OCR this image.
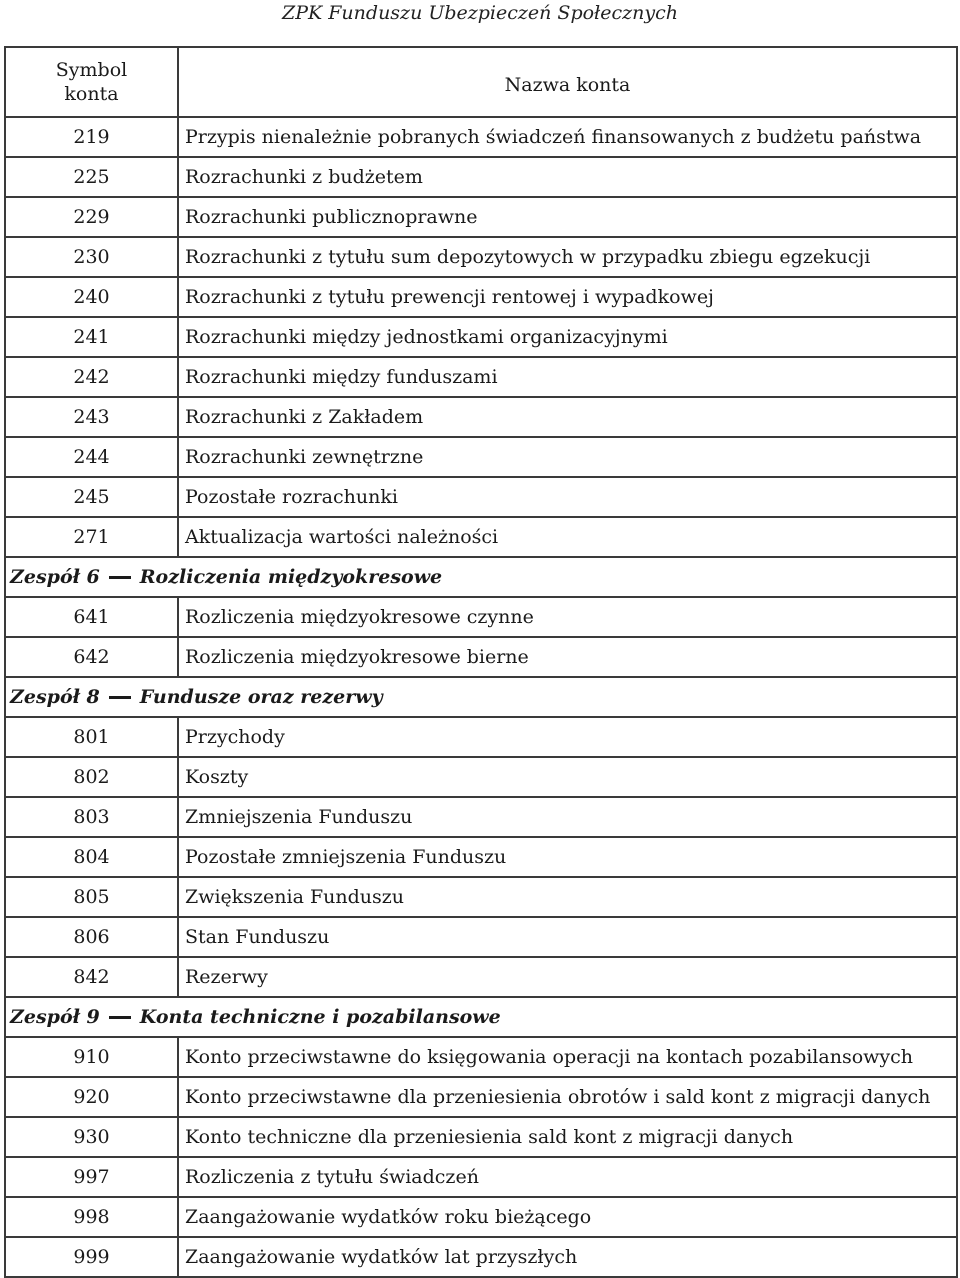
ZPK Funduszu Ubezpieczeń Społecznych
Symbol
konta	Nazwa konta
219	Przypis nienależnie pobranych świadczeń finansowanych z budżetu państwa
225	Rozrachunki z budżetem
229	Rozrachunki publicznoprawne
230	Rozrachunki z tytułu sum depozytowych w przypadku zbiegu egzekucji
240	Rozrachunki z tytułu prewencji rentowej i wypadkowej
241	Rozrachunki między jednostkami organizacyjnymi
242	Rozrachunki między funduszami
243	Rozrachunki z Zakładem
244	Rozrachunki zewnętrzne
245	Pozostałe rozrachunki
271	Aktualizacja wartości należności
Zespół 6 Rozliczenia międzyokresowe	
641	Rozliczenia międzyokresowe czynne
642	Rozliczenia międzyokresowe bierne
Zespół 8 Fundusze oraz rezerwy	
801	Przychody
802	Koszty
803	Zmniejszenia Funduszu
804	Pozostałe zmniejszenia Funduszu
805	Zwiększenia Funduszu
806	Stan Funduszu
842	Rezerwy
Zespół 9 Konta techniczne i pozabilansowe	
910	Konto przeciwstawne do księgowania operacji na kontach pozabilansowych
920	Konto przeciwstawne dla przeniesienia obrotów i sald kont z migracji danych
930	Konto techniczne dla przeniesienia sald kont z migracji danych
997	Rozliczenia z tytułu świadczeń
998	Zaangażowanie wydatków roku bieżącego
999	Zaangażowanie wydatków lat przyszłych
